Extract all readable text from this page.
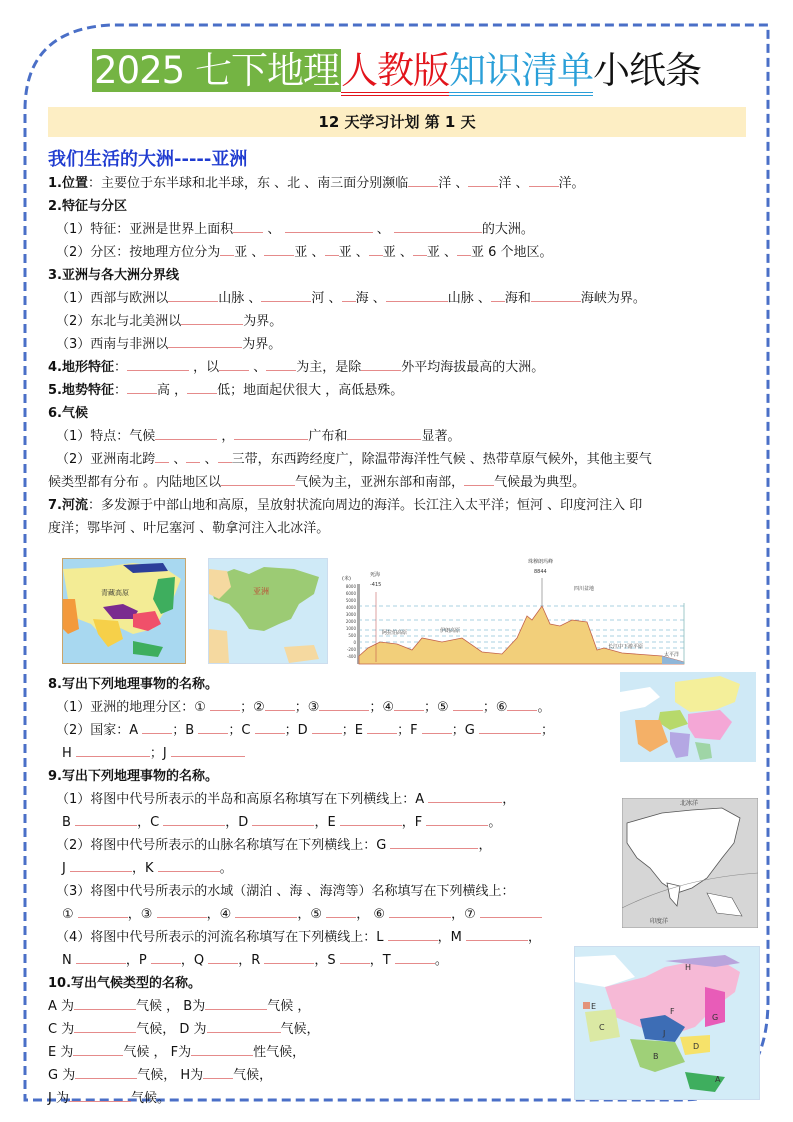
2025 七下地理人教版知识清单小纸条
12 天学习计划 第 1 天
我们生活的大洲-----亚洲
1.位置：主要位于东半球和北半球，东 、北 、南三面分别濒临 洋 、 洋 、 洋。
2.特征与分区
（1）特征：亚洲是世界上面积 、	、	的大洲。
（2）分区：按地理方位分为 亚 、 亚 、 亚 、 亚 、 亚 、 亚 6 个地区。
3.亚洲与各大洲分界线
（1）西部与欧洲以	山脉 、	河 、 海 、	山脉 、 海和	海峡为界。
（2）东北与北美洲以	为界。
（3）西南与非洲以	为界。
4.地形特征：	，以 、 为主，是除	外平均海拔最高的大洲。
5.地势特征： 高 ， 低；地面起伏很大 ，高低悬殊。
6.气候
（1）特点：气候	，	广布和	显著。
（2）亚洲南北跨 、 、 三带，东西跨经度广，除温带海洋性气候 、热带草原气候外，其他主要气
候类型都有分布 。内陆地区以	气候为主，亚洲东部和南部， 气候最为典型。
7.河流：多发源于中部山地和高原，呈放射状流向周边的海洋。长江注入太平洋；恒河 、印度河注入 印
度洋；鄂毕河 、叶尼塞河 、勒拿河注入北冰洋。
青藏高原	亚洲
(米)
8000
6000
5000
4000
3000
2000
1000
500
0
-200
-400
死海
-415
阿拉伯高原	伊朗高原
珠穆朗玛峰
8844
四川盆地
长江中下游平原
太平洋
8.写出下列地理事物的名称。
（1）亚洲的地理分区：① ；② ；③	；④ ；⑤ ；⑥ 。
（2）国家：A ；B ；C ；D ；E ；F ；G	；
H	；J
9.写出下列地理事物的名称。
（1）将图中代号所表示的半岛和高原名称填写在下列横线上：A	，
B	，C	，D	，E	，F	。
（2）将图中代号所表示的山脉名称填写在下列横线上：G	，
J	，K	。
（3）将图中代号所表示的水域（湖泊 、海 、海湾等）名称填写在下列横线上：
①	，③	，④	，⑤ ， ⑥	，⑦
（4）将图中代号所表示的河流名称填写在下列横线上：L	，M	，
N	，P ，Q ，R	，S ，T	。
10.写出气候类型的名称。
A 为	气候 ， B为	气候 ，
C 为	气候， D 为	气候，
E 为	气候 ， F为	性气候，
G 为	气候， H为 气候，
J 为	气候。
北冰洋
印度洋
A
B
C
D
E
F
G
H
J
